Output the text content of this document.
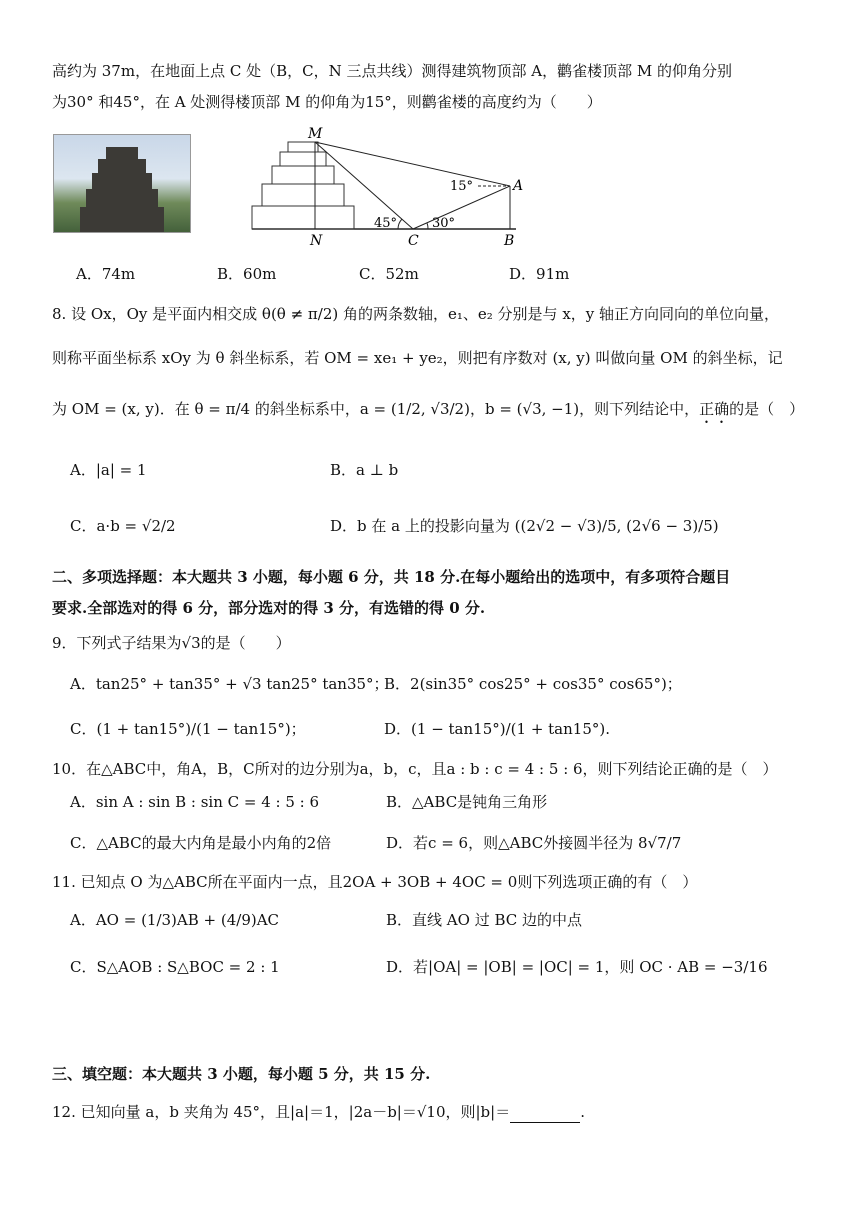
高约为 37m，在地面上点 C 处（B，C，N 三点共线）测得建筑物顶部 A，鹳雀楼顶部 M 的仰角分别
为30° 和45°，在 A 处测得楼顶部 M 的仰角为15°，则鹳雀楼的高度约为（　　）
M
A
N	C	B
15°
45°	30°
A．74m	B．60m	C．52m	D．91m
8. 设 Ox，Oy 是平面内相交成 θ(θ ≠ π/2) 角的两条数轴，e₁、e₂ 分别是与 x，y 轴正方向同向的单位向量，
则称平面坐标系 xOy 为 θ 斜坐标系，若 OM = xe₁ + ye₂，则把有序数对 (x, y) 叫做向量 OM 的斜坐标，记
为 OM = (x, y)．在 θ = π/4 的斜坐标系中，a = (1/2, √3/2)，b = (√3, −1)，则下列结论中，正确的是（　）
A．|a| = 1	B．a ⊥ b
C．a·b = √2/2	D．b 在 a 上的投影向量为 ((2√2 − √3)/5, (2√6 − 3)/5)
二、多项选择题：本大题共 3 小题，每小题 6 分，共 18 分.在每小题给出的选项中，有多项符合题目
要求.全部选对的得 6 分，部分选对的得 3 分，有选错的得 0 分.
9．下列式子结果为√3的是（　　）
A．tan25° + tan35° + √3 tan25° tan35°；
B．2(sin35° cos25° + cos35° cos65°)；
C．(1 + tan15°)/(1 − tan15°)；	D．(1 − tan15°)/(1 + tan15°).
10．在△ABC中，角A，B，C所对的边分别为a，b，c，且a : b : c = 4 : 5 : 6，则下列结论正确的是（　）
A．sin A : sin B : sin C = 4 : 5 : 6	B．△ABC是钝角三角形
C．△ABC的最大内角是最小内角的2倍	D．若c = 6，则△ABC外接圆半径为 8√7/7
11. 已知点 O 为△ABC所在平面内一点，且2OA + 3OB + 4OC = 0则下列选项正确的有（　）
A．AO = (1/3)AB + (4/9)AC	B．直线 AO 过 BC 边的中点
C．S△AOB : S△BOC = 2 : 1	D．若|OA| = |OB| = |OC| = 1，则 OC · AB = −3/16
三、填空题：本大题共 3 小题，每小题 5 分，共 15 分.
12. 已知向量 a，b 夹角为 45°，且|a|＝1，|2a－b|＝√10，则|b|＝	.
